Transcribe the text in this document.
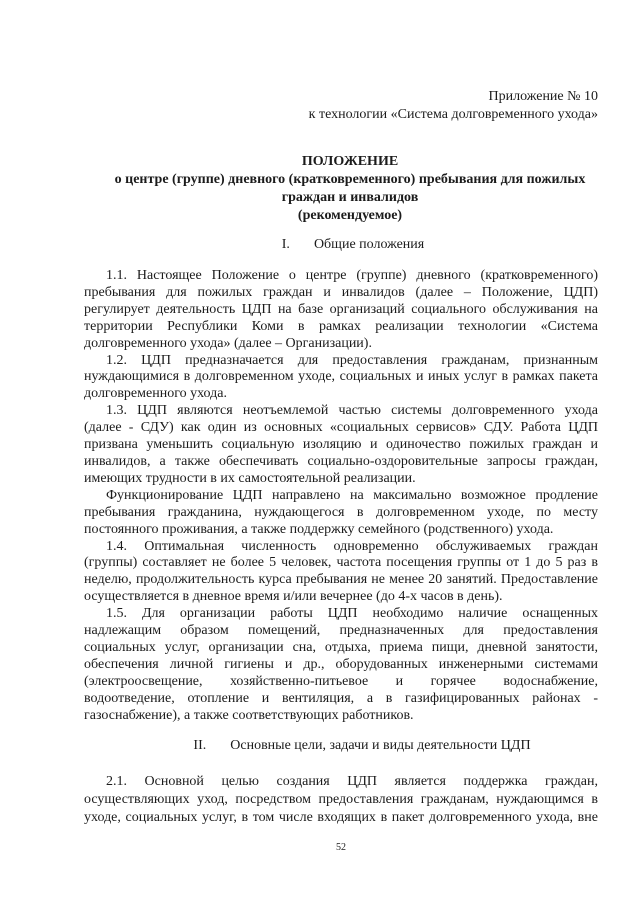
Приложение № 10
к технологии «Система долговременного ухода»
ПОЛОЖЕНИЕ
о центре (группе) дневного (кратковременного) пребывания для пожилых
граждан и инвалидов
(рекомендуемое)
I. Общие положения
1.1. Настоящее Положение о центре (группе) дневного (кратковременного)
пребывания для пожилых граждан и инвалидов (далее – Положение, ЦДП)
регулирует деятельность ЦДП на базе организаций социального обслуживания на
территории Республики Коми в рамках реализации технологии «Система
долговременного ухода» (далее – Организации).
1.2. ЦДП предназначается для предоставления гражданам, признанным
нуждающимися в долговременном уходе, социальных и иных услуг в рамках пакета
долговременного ухода.
1.3. ЦДП являются неотъемлемой частью системы долговременного ухода
(далее - СДУ) как один из основных «социальных сервисов» СДУ. Работа ЦДП
призвана уменьшить социальную изоляцию и одиночество пожилых граждан и
инвалидов, а также обеспечивать социально-оздоровительные запросы граждан,
имеющих трудности в их самостоятельной реализации.
Функционирование ЦДП направлено на максимально возможное продление
пребывания гражданина, нуждающегося в долговременном уходе, по месту
постоянного проживания, а также поддержку семейного (родственного) ухода.
1.4. Оптимальная численность одновременно обслуживаемых граждан
(группы) составляет не более 5 человек, частота посещения группы от 1 до 5 раз в
неделю, продолжительность курса пребывания не менее 20 занятий. Предоставление
осуществляется в дневное время и/или вечернее (до 4-х часов в день).
1.5. Для организации работы ЦДП необходимо наличие оснащенных
надлежащим образом помещений, предназначенных для предоставления
социальных услуг, организации сна, отдыха, приема пищи, дневной занятости,
обеспечения личной гигиены и др., оборудованных инженерными системами
(электроосвещение, хозяйственно-питьевое и горячее водоснабжение,
водоотведение, отопление и вентиляция, а в газифицированных районах -
газоснабжение), а также соответствующих работников.
II. Основные цели, задачи и виды деятельности ЦДП
2.1. Основной целью создания ЦДП является поддержка граждан,
осуществляющих уход, посредством предоставления гражданам, нуждающимся в
уходе, социальных услуг, в том числе входящих в пакет долговременного ухода, вне
52
